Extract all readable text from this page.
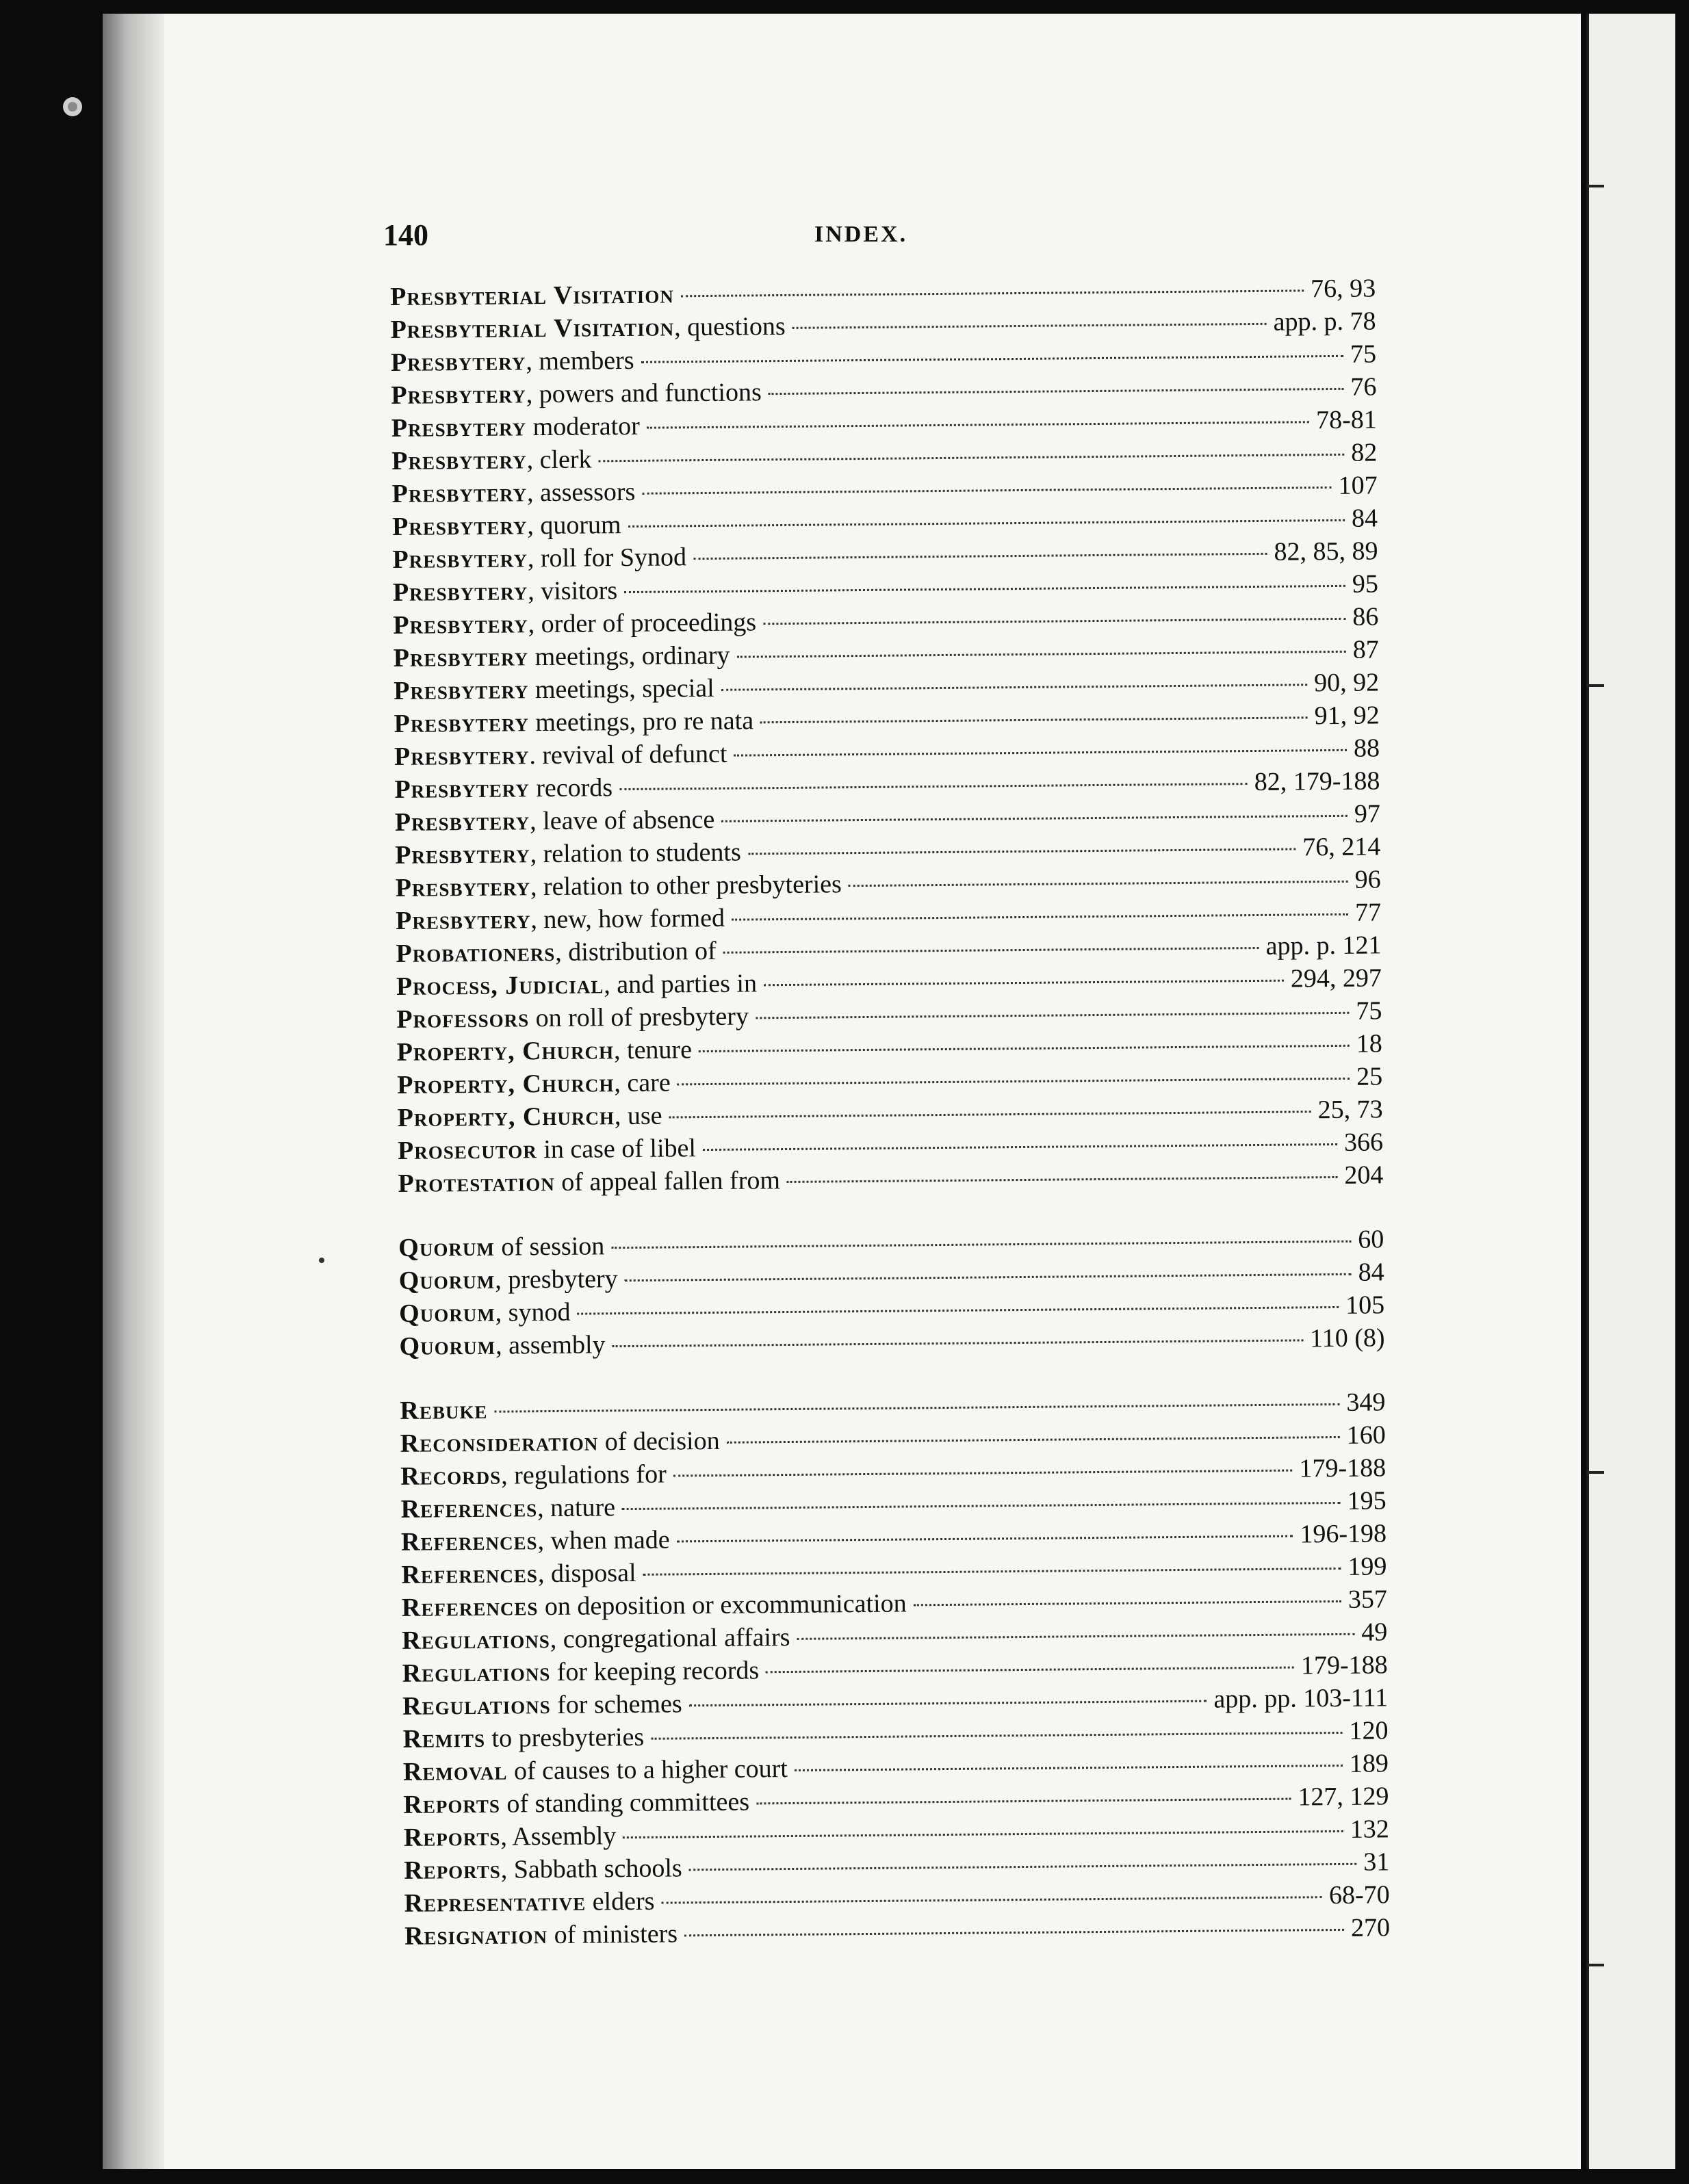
140	INDEX.
Presbyterial Visitation	76, 93
Presbyterial Visitation, questions	app. p. 78
Presbytery, members	75
Presbytery, powers and functions	76
Presbytery moderator	78-81
Presbytery, clerk	82
Presbytery, assessors	107
Presbytery, quorum	84
Presbytery, roll for Synod	82, 85, 89
Presbytery, visitors	95
Presbytery, order of proceedings	86
Presbytery meetings, ordinary	87
Presbytery meetings, special	90, 92
Presbytery meetings, pro re nata	91, 92
Presbytery. revival of defunct	88
Presbytery records	82, 179-188
Presbytery, leave of absence	97
Presbytery, relation to students	76, 214
Presbytery, relation to other presbyteries	96
Presbytery, new, how formed	77
Probationers, distribution of	app. p. 121
Process, Judicial, and parties in	294, 297
Professors on roll of presbytery	75
Property, Church, tenure	18
Property, Church, care	25
Property, Church, use	25, 73
Prosecutor in case of libel	366
Protestation of appeal fallen from	204
Quorum of session	60
Quorum, presbytery	84
Quorum, synod	105
Quorum, assembly	110 (8)
Rebuke	349
Reconsideration of decision	160
Records, regulations for	179-188
References, nature	195
References, when made	196-198
References, disposal	199
References on deposition or excommunication	357
Regulations, congregational affairs	49
Regulations for keeping records	179-188
Regulations for schemes	app. pp. 103-111
Remits to presbyteries	120
Removal of causes to a higher court	189
Reports of standing committees	127, 129
Reports, Assembly	132
Reports, Sabbath schools	31
Representative elders	68-70
Resignation of ministers	270
